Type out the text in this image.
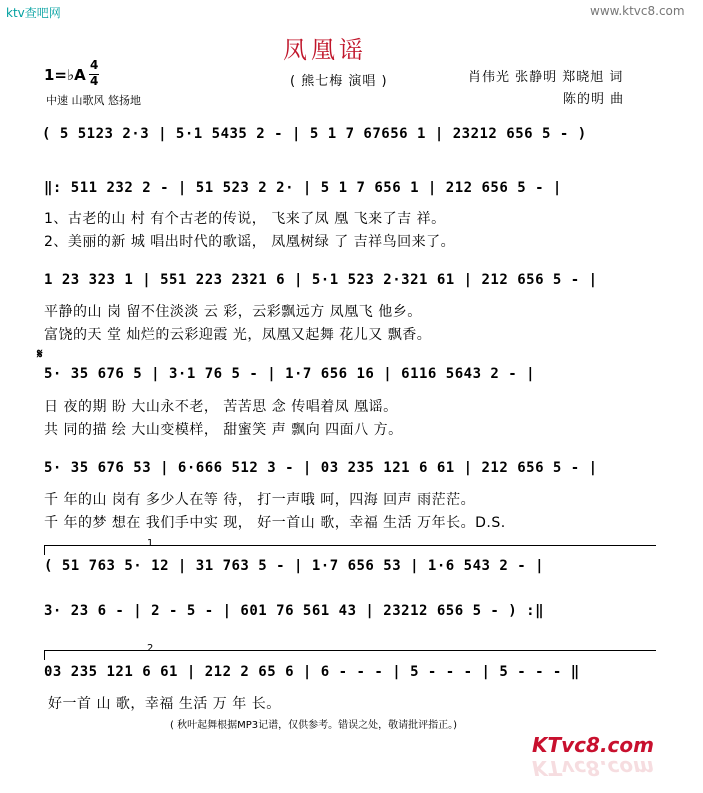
ktv查吧网	www.ktvc8.com
凤凰谣
1=♭A
4
4
中速 山歌风 悠扬地
( 熊七梅 演唱 )	肖伟光 张静明 郑晓旭 词
陈的明 曲
( 5 5123 2·3 | 5·1 5435 2 - | 5 1 7 67656 1 | 23212 656 5 - )
‖: 511 232 2 - | 51 523 2 2· | 5 1 7 656 1 | 212 656 5 - |
1、古老的山 村 有个古老的传说， 飞来了凤 凰 飞来了吉 祥。
2、美丽的新 城 唱出时代的歌谣， 凤凰树绿 了 吉祥鸟回来了。
1 23 323 1 | 551 223 2321 6 | 5·1 523 2·321 61 | 212 656 5 - |
平静的山 岗 留不住淡淡 云 彩，云彩飘远方 凤凰飞 他乡。
富饶的天 堂 灿烂的云彩迎霞 光，凤凰又起舞 花儿又 飘香。
𝄋
5· 35 676 5 | 3·1 76 5 - | 1·7 656 16 | 6116 5643 2 - |
日 夜的期 盼 大山永不老， 苦苦思 念 传唱着凤 凰谣。
共 同的描 绘 大山变模样， 甜蜜笑 声 飘向 四面八 方。
5· 35 676 53 | 6·666 512 3 - | 03 235 121 6 61 | 212 656 5 - |
千 年的山 岗有 多少人在等 待， 打一声哦 呵，四海 回声 雨茫茫。
千 年的梦 想在 我们手中实 现， 好一首山 歌，幸福 生活 万年长。D.S.
1
( 51 763 5· 12 | 31 763 5 - | 1·7 656 53 | 1·6 543 2 - |
3· 23 6 - | 2 - 5 - | 601 76 561 43 | 23212 656 5 - ) :‖
2
03 235 121 6 61 | 212 2 65 6 | 6 - - - | 5 - - - | 5 - - - ‖
好一首 山 歌，幸福 生活 万 年 长。
( 秋叶起舞根据MP3记谱，仅供参考。错误之处，敬请批评指正。)
KTvc8.com
KTvc8.com
